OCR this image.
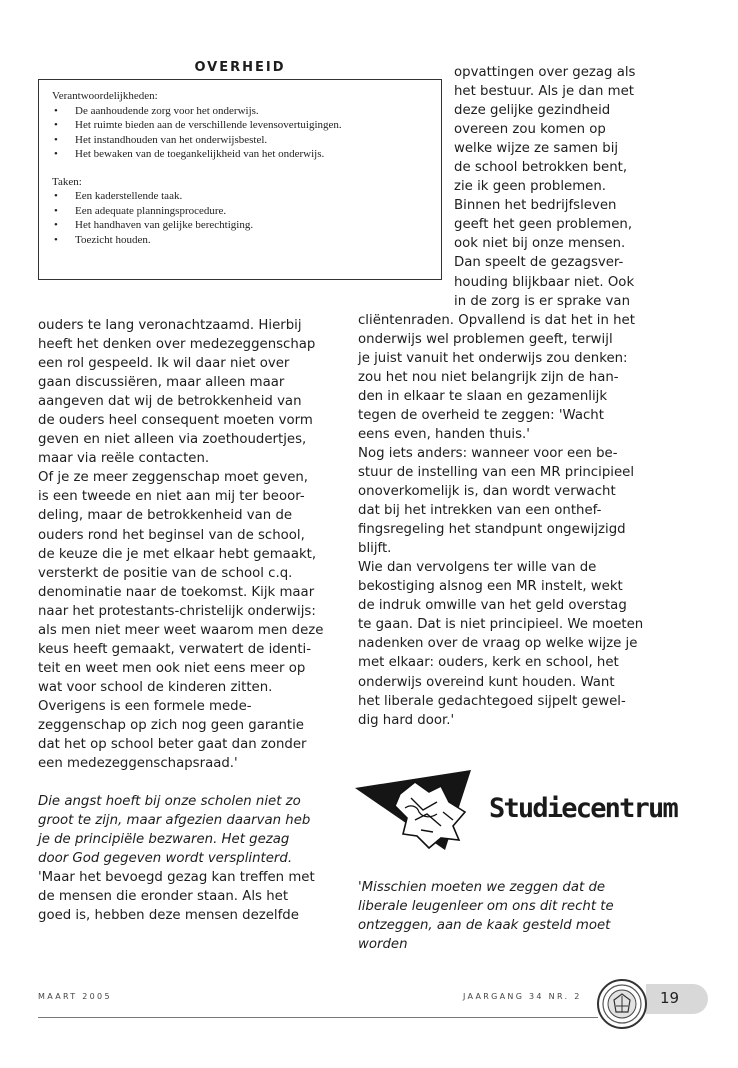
OVERHEID

Verantwoordelijkheden:

• De aanhoudende zorg voor het onderwijs.
• Het ruimte bieden aan de verschillende levensovertuigingen.
• Het instandhouden van het onderwijsbestel.
• Het bewaken van de toegankelijkheid van het onderwijs.

Taken:

• Een kaderstellende taak.
• Een adequate planningsprocedure.
• Het handhaven van gelijke berechtiging.
• Toezicht houden.

ouders te lang veronachtzaamd. Hierbij
heeft het denken over medezeggenschap
een rol gespeeld. Ik wil daar niet over
gaan discussiëren, maar alleen maar
aangeven dat wij de betrokkenheid van
de ouders heel consequent moeten vorm
geven en niet alleen via zoethoudertjes,
maar via reële contacten.

Of je ze meer zeggenschap moet geven,
is een tweede en niet aan mij ter beoor-
deling, maar de betrokkenheid van de
ouders rond het beginsel van de school,
de keuze die je met elkaar hebt gemaakt,
versterkt de positie van de school c.q.
denominatie naar de toekomst. Kijk maar
naar het protestants-christelijk onderwijs:
als men niet meer weet waarom men deze
keus heeft gemaakt, verwatert de identi-
teit en weet men ook niet eens meer op
wat voor school de kinderen zitten.
Overigens is een formele mede-
zeggenschap op zich nog geen garantie
dat het op school beter gaat dan zonder
een medezeggenschapsraad.'

Die angst hoeft bij onze scholen niet zo
groot te zijn, maar afgezien daarvan heb
je de principiële bezwaren. Het gezag
door God gegeven wordt versplinterd.

'Maar het bevoegd gezag kan treffen met
de mensen die eronder staan. Als het
goed is, hebben deze mensen dezelfde

opvattingen over gezag als
het bestuur. Als je dan met
deze gelijke gezindheid
overeen zou komen op
welke wijze ze samen bij
de school betrokken bent,
zie ik geen problemen.
Binnen het bedrijfsleven
geeft het geen problemen,
ook niet bij onze mensen.
Dan speelt de gezagsver-
houding blijkbaar niet. Ook
in de zorg is er sprake van
cliëntenraden. Opvallend is dat het in het
onderwijs wel problemen geeft, terwijl
je juist vanuit het onderwijs zou denken:
zou het nou niet belangrijk zijn de han-
den in elkaar te slaan en gezamenlijk
tegen de overheid te zeggen: 'Wacht
eens even, handen thuis.'

Nog iets anders: wanneer voor een be-
stuur de instelling van een MR principieel
onoverkomelijk is, dan wordt verwacht
dat bij het intrekken van een onthef-
fingsregeling het standpunt ongewijzigd
blijft.

Wie dan vervolgens ter wille van de
bekostiging alsnog een MR instelt, wekt
de indruk omwille van het geld overstag
te gaan. Dat is niet principieel. We moeten
nadenken over de vraag op welke wijze je
met elkaar: ouders, kerk en school, het
onderwijs overeind kunt houden. Want
het liberale gedachtegoed sijpelt gewel-
dig hard door.'

Studiecentrum
'Misschien moeten we zeggen dat de
liberale leugenleer om ons dit recht te
ontzeggen, aan de kaak gesteld moet
worden
MAART 2005	JAARGANG 34 NR. 2	19
